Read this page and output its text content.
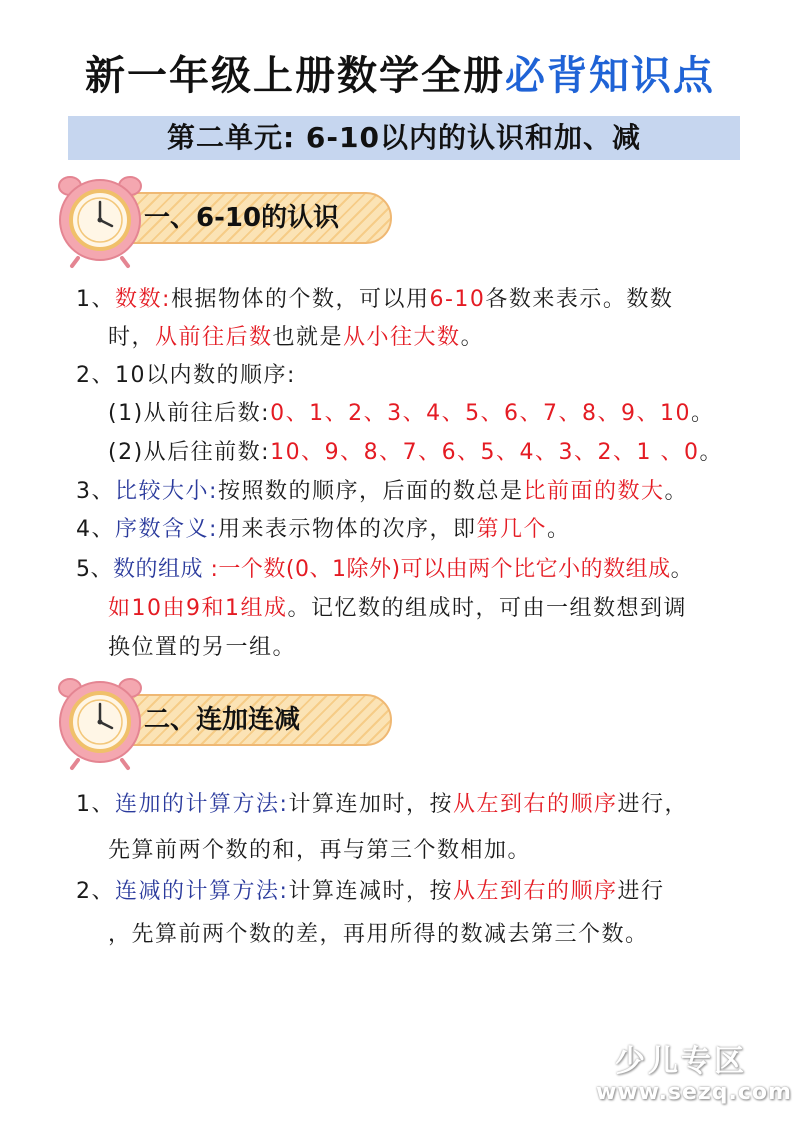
新一年级上册数学全册必背知识点
第二单元: 6-10以内的认识和加、减
一、6-10的认识
1、数数:根据物体的个数，可以用6-10各数来表示。数数
时，从前往后数也就是从小往大数。
2、10以内数的顺序:
(1)从前往后数:0、1、2、3、4、5、6、7、8、9、10。
(2)从后往前数:10、9、8、7、6、5、4、3、2、1 、0。
3、比较大小:按照数的顺序，后面的数总是比前面的数大。
4、序数含义:用来表示物体的次序，即第几个。
5、数的组成 :一个数(0、1除外)可以由两个比它小的数组成。
如10由9和1组成。记忆数的组成时，可由一组数想到调
换位置的另一组。
二、连加连减
1、连加的计算方法:计算连加时，按从左到右的顺序进行，
先算前两个数的和，再与第三个数相加。
2、连减的计算方法:计算连减时，按从左到右的顺序进行
，先算前两个数的差，再用所得的数减去第三个数。
少儿专区
www.sezq.com
